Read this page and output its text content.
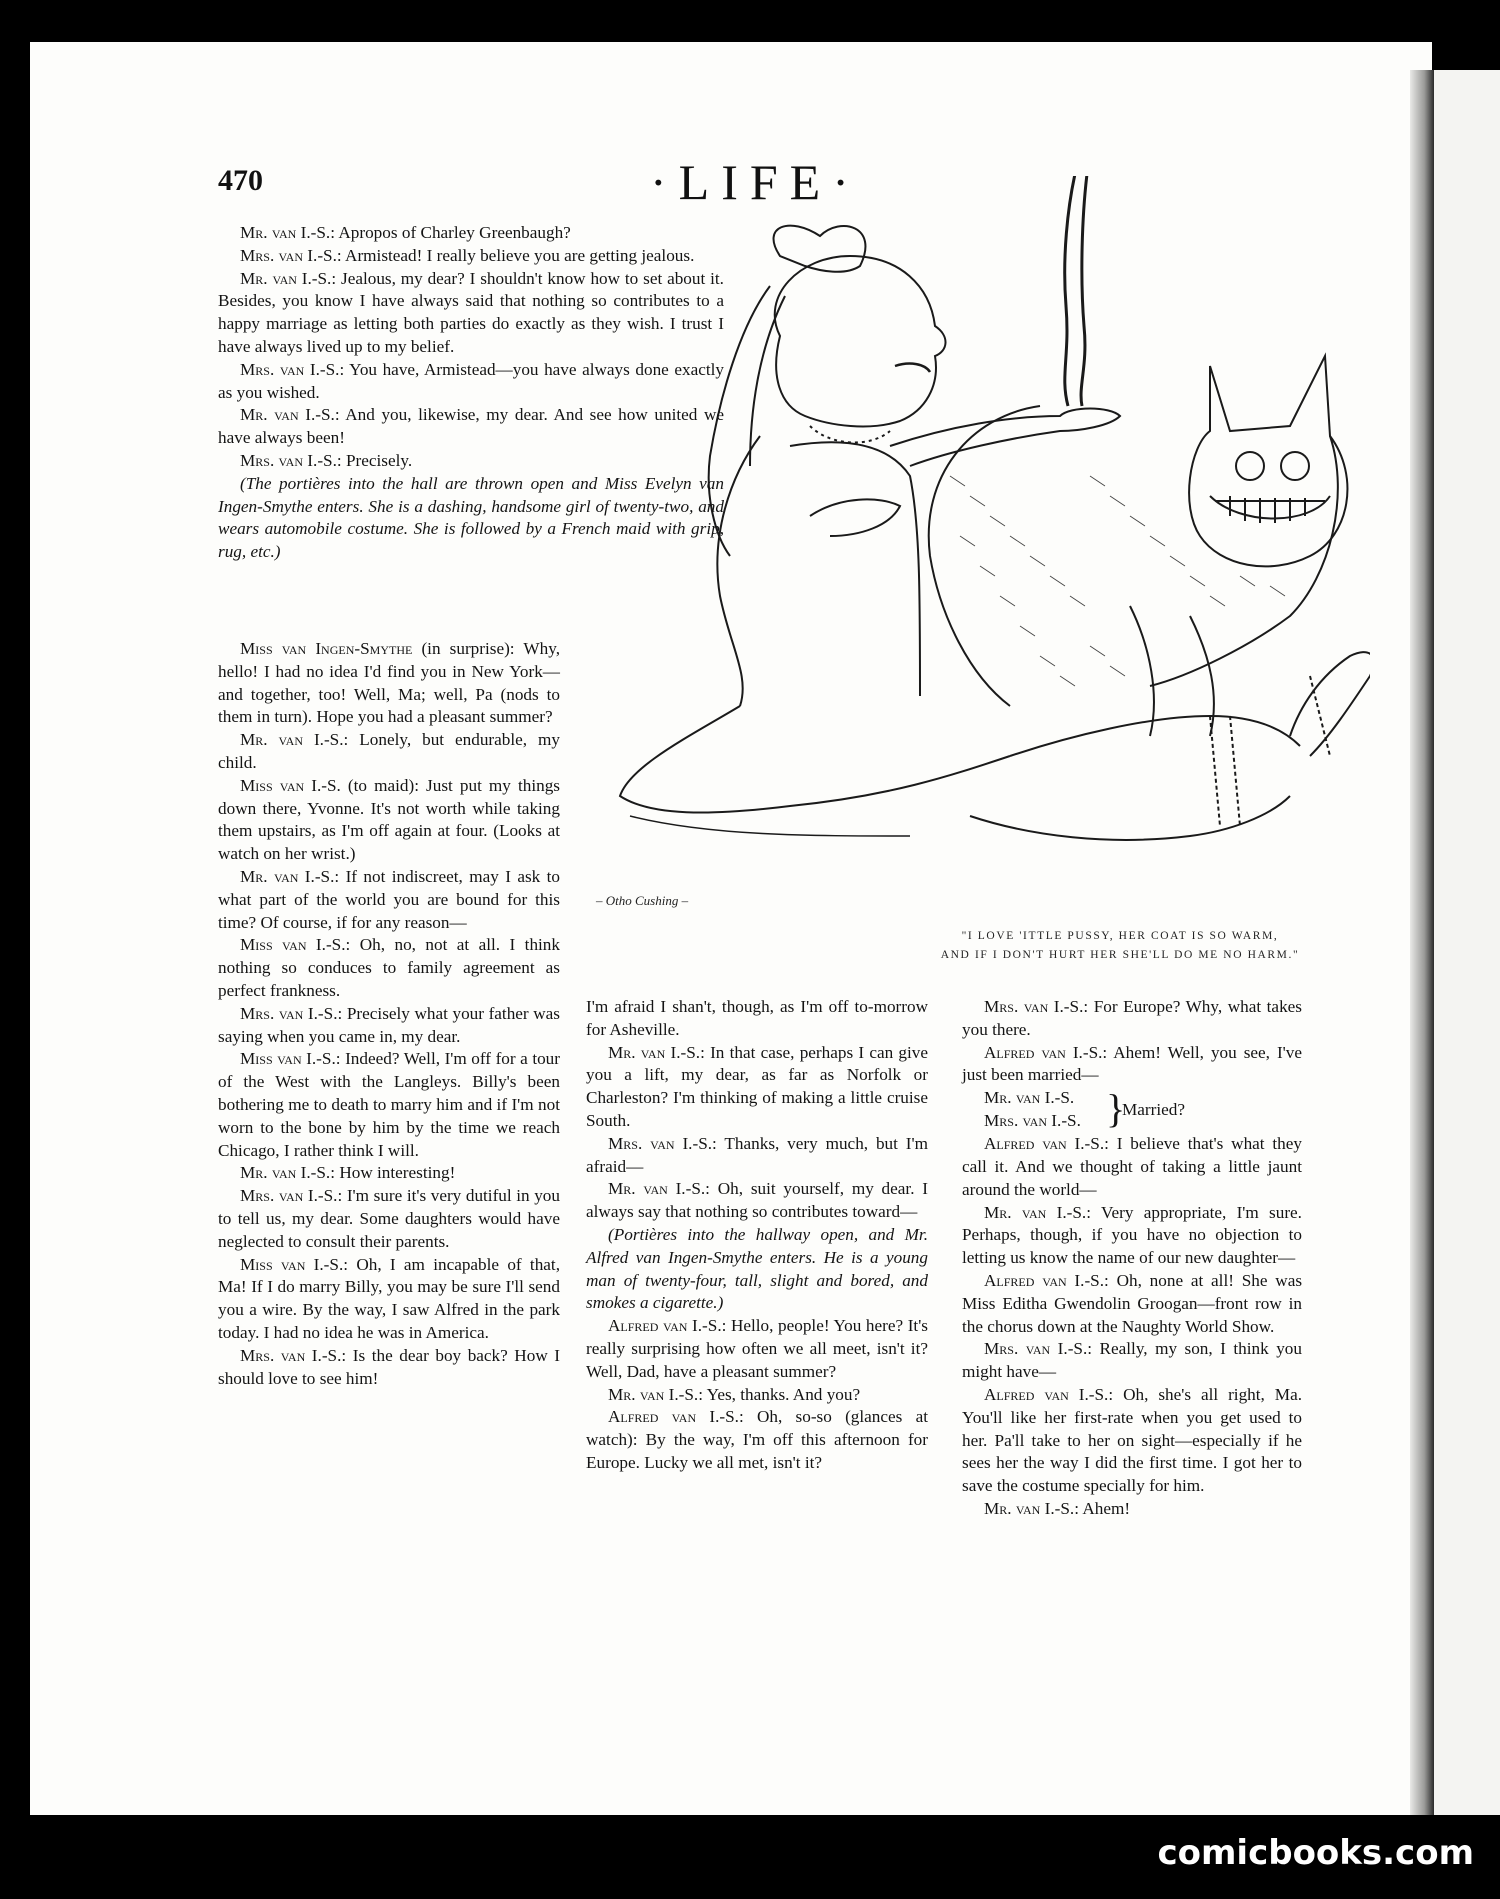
470	·LIFE·
– Otho Cushing –
"I LOVE 'ITTLE PUSSY, HER COAT IS SO WARM,
AND IF I DON'T HURT HER SHE'LL DO ME NO HARM."

Mr. van I.-S.: Apropos of Charley Greenbaugh?

Mrs. van I.-S.: Armistead! I really believe you are getting jealous.

Mr. van I.-S.: Jealous, my dear? I shouldn't know how to set about it. Besides, you know I have always said that nothing so contributes to a happy marriage as letting both parties do exactly as they wish. I trust I have always lived up to my belief.

Mrs. van I.-S.: You have, Armistead—you have always done exactly as you wished.

Mr. van I.-S.: And you, likewise, my dear. And see how united we have always been!

Mrs. van I.-S.: Precisely.

(The portières into the hall are thrown open and Miss Evelyn van Ingen-Smythe enters. She is a dashing, handsome girl of twenty-two, and wears automobile costume. She is followed by a French maid with grip, rug, etc.)

Miss van Ingen-Smythe (in surprise): Why, hello! I had no idea I'd find you in New York—and together, too! Well, Ma; well, Pa (nods to them in turn). Hope you had a pleasant summer?

Mr. van I.-S.: Lonely, but endurable, my child.

Miss van I.-S. (to maid): Just put my things down there, Yvonne. It's not worth while taking them upstairs, as I'm off again at four. (Looks at watch on her wrist.)

Mr. van I.-S.: If not indiscreet, may I ask to what part of the world you are bound for this time? Of course, if for any reason—

Miss van I.-S.: Oh, no, not at all. I think nothing so conduces to family agreement as perfect frankness.

Mrs. van I.-S.: Precisely what your father was saying when you came in, my dear.

Miss van I.-S.: Indeed? Well, I'm off for a tour of the West with the Langleys. Billy's been bothering me to death to marry him and if I'm not worn to the bone by him by the time we reach Chicago, I rather think I will.

Mr. van I.-S.: How interesting!

Mrs. van I.-S.: I'm sure it's very dutiful in you to tell us, my dear. Some daughters would have neglected to consult their parents.

Miss van I.-S.: Oh, I am incapable of that, Ma! If I do marry Billy, you may be sure I'll send you a wire. By the way, I saw Alfred in the park today. I had no idea he was in America.

Mrs. van I.-S.: Is the dear boy back? How I should love to see him!

I'm afraid I shan't, though, as I'm off to-morrow for Asheville.

Mr. van I.-S.: In that case, perhaps I can give you a lift, my dear, as far as Norfolk or Charleston? I'm thinking of making a little cruise South.

Mrs. van I.-S.: Thanks, very much, but I'm afraid—

Mr. van I.-S.: Oh, suit yourself, my dear. I always say that nothing so contributes toward—

(Portières into the hallway open, and Mr. Alfred van Ingen-Smythe enters. He is a young man of twenty-four, tall, slight and bored, and smokes a cigarette.)

Alfred van I.-S.: Hello, people! You here? It's really surprising how often we all meet, isn't it? Well, Dad, have a pleasant summer?

Mr. van I.-S.: Yes, thanks. And you?

Alfred van I.-S.: Oh, so-so (glances at watch): By the way, I'm off this afternoon for Europe. Lucky we all met, isn't it?

Mrs. van I.-S.: For Europe? Why, what takes you there.

Alfred van I.-S.: Ahem! Well, you see, I've just been married—

Mr. van I.-S.
Mrs. van I.-S. }
Married?

Alfred van I.-S.: I believe that's what they call it. And we thought of taking a little jaunt around the world—

Mr. van I.-S.: Very appropriate, I'm sure. Perhaps, though, if you have no objection to letting us know the name of our new daughter—

Alfred van I.-S.: Oh, none at all! She was Miss Editha Gwendolin Groogan—front row in the chorus down at the Naughty World Show.

Mrs. van I.-S.: Really, my son, I think you might have—

Alfred van I.-S.: Oh, she's all right, Ma. You'll like her first-rate when you get used to her. Pa'll take to her on sight—especially if he sees her the way I did the first time. I got her to save the costume specially for him.

Mr. van I.-S.: Ahem!

comicbooks.com
